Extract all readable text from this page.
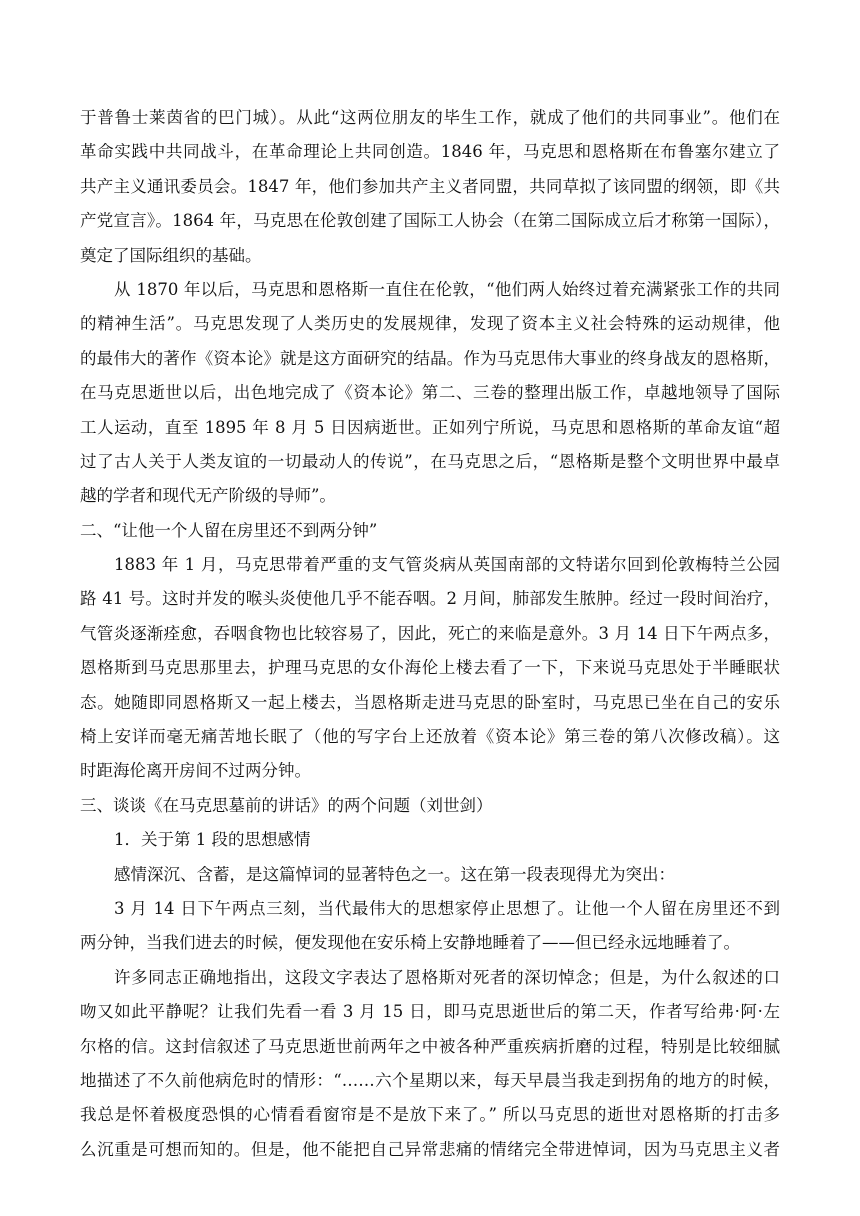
于普鲁士莱茵省的巴门城）。从此“这两位朋友的毕生工作，就成了他们的共同事业”。他们在
革命实践中共同战斗，在革命理论上共同创造。1846 年，马克思和恩格斯在布鲁塞尔建立了
共产主义通讯委员会。1847 年，他们参加共产主义者同盟，共同草拟了该同盟的纲领，即《共
产党宣言》。1864 年，马克思在伦敦创建了国际工人协会（在第二国际成立后才称第一国际），
奠定了国际组织的基础。
从 1870 年以后，马克思和恩格斯一直住在伦敦，“他们两人始终过着充满紧张工作的共同
的精神生活”。马克思发现了人类历史的发展规律，发现了资本主义社会特殊的运动规律，他
的最伟大的著作《资本论》就是这方面研究的结晶。作为马克思伟大事业的终身战友的恩格斯，
在马克思逝世以后，出色地完成了《资本论》第二、三卷的整理出版工作，卓越地领导了国际
工人运动，直至 1895 年 8 月 5 日因病逝世。正如列宁所说，马克思和恩格斯的革命友谊“超
过了古人关于人类友谊的一切最动人的传说”，在马克思之后，“恩格斯是整个文明世界中最卓
越的学者和现代无产阶级的导师”。
二、“让他一个人留在房里还不到两分钟”
1883 年 1 月，马克思带着严重的支气管炎病从英国南部的文特诺尔回到伦敦梅特兰公园
路 41 号。这时并发的喉头炎使他几乎不能吞咽。2 月间，肺部发生脓肿。经过一段时间治疗，
气管炎逐渐痊愈，吞咽食物也比较容易了，因此，死亡的来临是意外。3 月 14 日下午两点多，
恩格斯到马克思那里去，护理马克思的女仆海伦上楼去看了一下，下来说马克思处于半睡眠状
态。她随即同恩格斯又一起上楼去，当恩格斯走进马克思的卧室时，马克思已坐在自己的安乐
椅上安详而毫无痛苦地长眠了（他的写字台上还放着《资本论》第三卷的第八次修改稿）。这
时距海伦离开房间不过两分钟。
三、谈谈《在马克思墓前的讲话》的两个问题（刘世剑）
1．关于第 1 段的思想感情
感情深沉、含蓄，是这篇悼词的显著特色之一。这在第一段表现得尤为突出：
3 月 14 日下午两点三刻，当代最伟大的思想家停止思想了。让他一个人留在房里还不到
两分钟，当我们进去的时候，便发现他在安乐椅上安静地睡着了——但已经永远地睡着了。
许多同志正确地指出，这段文字表达了恩格斯对死者的深切悼念；但是，为什么叙述的口
吻又如此平静呢？让我们先看一看 3 月 15 日，即马克思逝世后的第二天，作者写给弗·阿·左
尔格的信。这封信叙述了马克思逝世前两年之中被各种严重疾病折磨的过程，特别是比较细腻
地描述了不久前他病危时的情形：“……六个星期以来，每天早晨当我走到拐角的地方的时候，
我总是怀着极度恐惧的心情看看窗帘是不是放下来了。” 所以马克思的逝世对恩格斯的打击多
么沉重是可想而知的。但是，他不能把自己异常悲痛的情绪完全带进悼词，因为马克思主义者
